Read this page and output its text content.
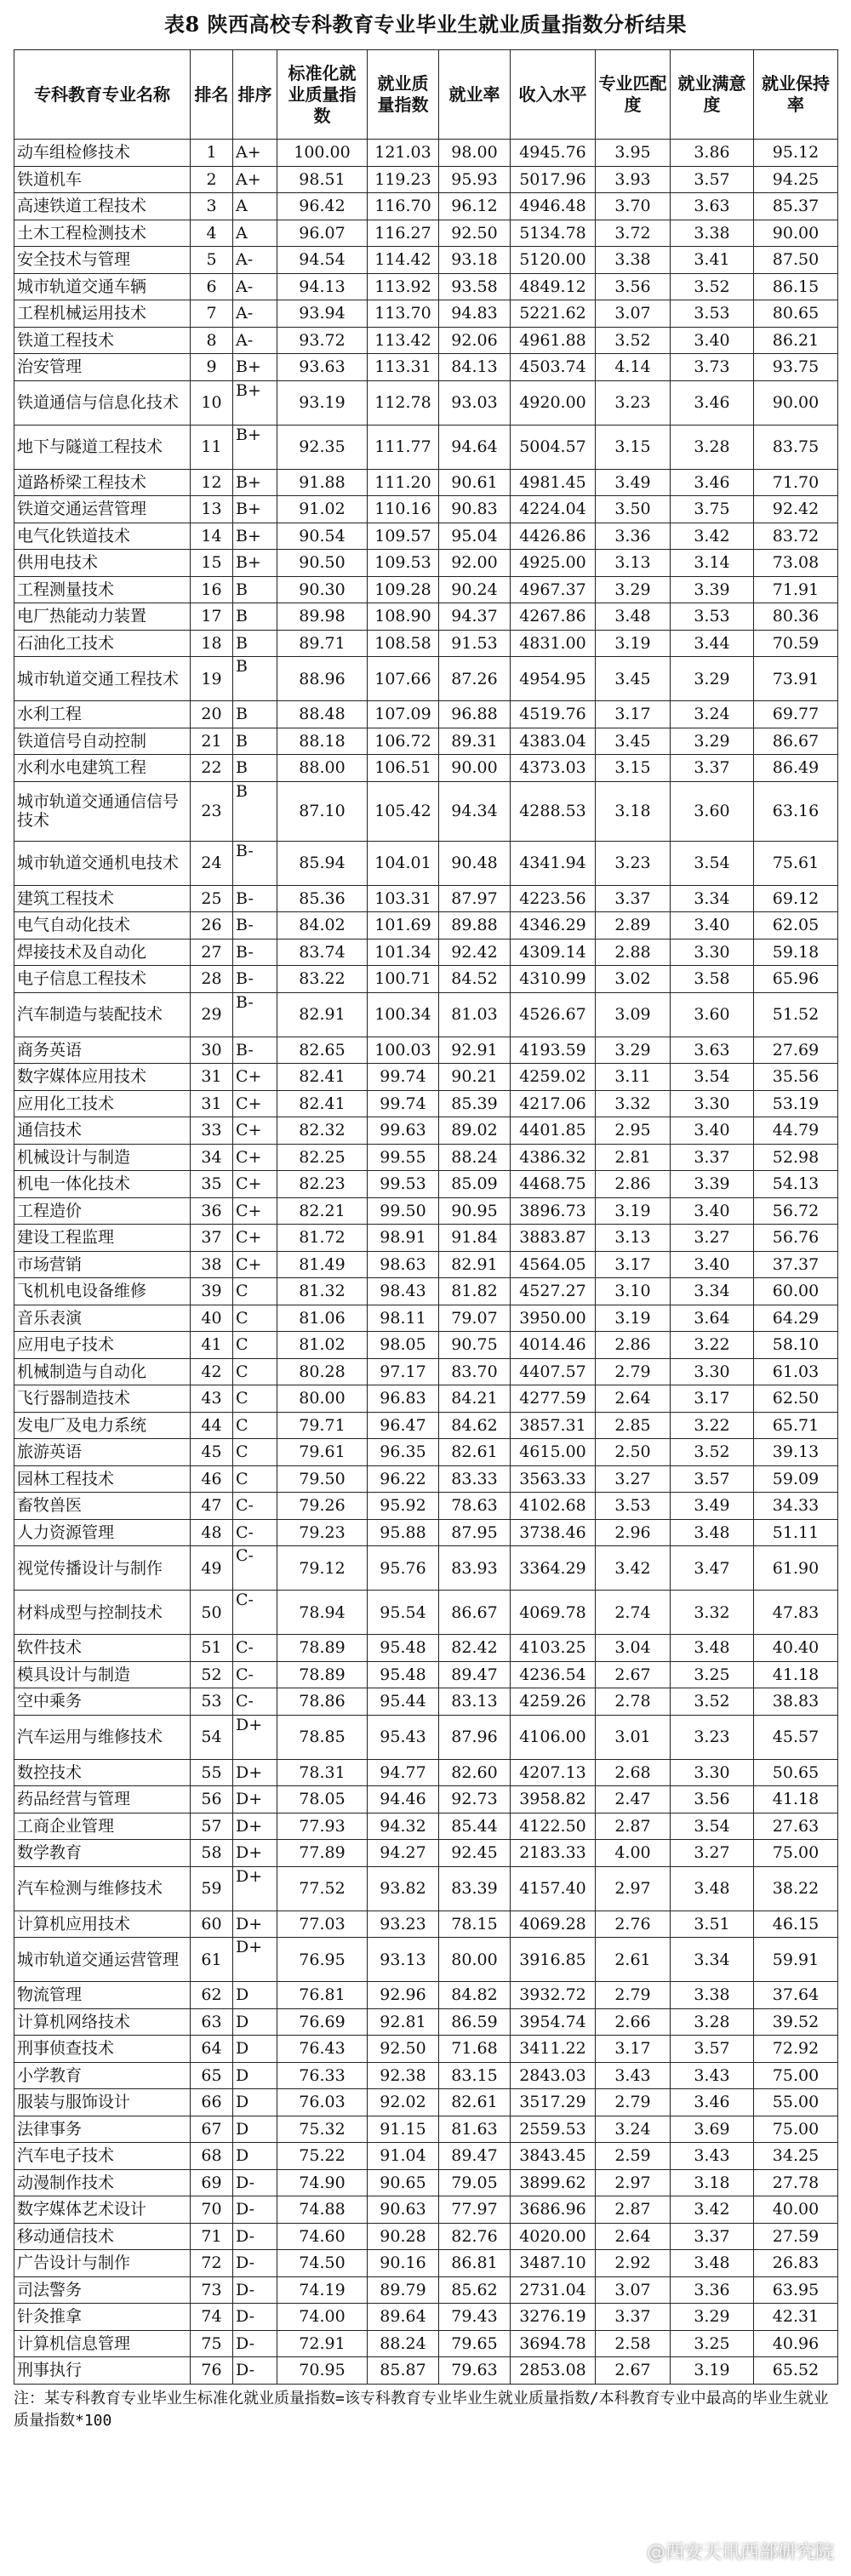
表8 陕西高校专科教育专业毕业生就业质量指数分析结果
专科教育专业名称	排名	排序	标准化就业质量指数	就业质量指数	就业率	收入水平	专业匹配度	就业满意度	就业保持率
动车组检修技术	1	A+	100.00	121.03	98.00	4945.76	3.95	3.86	95.12
铁道机车	2	A+	98.51	119.23	95.93	5017.96	3.93	3.57	94.25
高速铁道工程技术	3	A	96.42	116.70	96.12	4946.48	3.70	3.63	85.37
土木工程检测技术	4	A	96.07	116.27	92.50	5134.78	3.72	3.38	90.00
安全技术与管理	5	A-	94.54	114.42	93.18	5120.00	3.38	3.41	87.50
城市轨道交通车辆	6	A-	94.13	113.92	93.58	4849.12	3.56	3.52	86.15
工程机械运用技术	7	A-	93.94	113.70	94.83	5221.62	3.07	3.53	80.65
铁道工程技术	8	A-	93.72	113.42	92.06	4961.88	3.52	3.40	86.21
治安管理	9	B+	93.63	113.31	84.13	4503.74	4.14	3.73	93.75
铁道通信与信息化技术	10	B+	93.19	112.78	93.03	4920.00	3.23	3.46	90.00
地下与隧道工程技术	11	B+	92.35	111.77	94.64	5004.57	3.15	3.28	83.75
道路桥梁工程技术	12	B+	91.88	111.20	90.61	4981.45	3.49	3.46	71.70
铁道交通运营管理	13	B+	91.02	110.16	90.83	4224.04	3.50	3.75	92.42
电气化铁道技术	14	B+	90.54	109.57	95.04	4426.86	3.36	3.42	83.72
供用电技术	15	B+	90.50	109.53	92.00	4925.00	3.13	3.14	73.08
工程测量技术	16	B	90.30	109.28	90.24	4967.37	3.29	3.39	71.91
电厂热能动力装置	17	B	89.98	108.90	94.37	4267.86	3.48	3.53	80.36
石油化工技术	18	B	89.71	108.58	91.53	4831.00	3.19	3.44	70.59
城市轨道交通工程技术	19	B	88.96	107.66	87.26	4954.95	3.45	3.29	73.91
水利工程	20	B	88.48	107.09	96.88	4519.76	3.17	3.24	69.77
铁道信号自动控制	21	B	88.18	106.72	89.31	4383.04	3.45	3.29	86.67
水利水电建筑工程	22	B	88.00	106.51	90.00	4373.03	3.15	3.37	86.49
城市轨道交通通信信号技术	23	B	87.10	105.42	94.34	4288.53	3.18	3.60	63.16
城市轨道交通机电技术	24	B-	85.94	104.01	90.48	4341.94	3.23	3.54	75.61
建筑工程技术	25	B-	85.36	103.31	87.97	4223.56	3.37	3.34	69.12
电气自动化技术	26	B-	84.02	101.69	89.88	4346.29	2.89	3.40	62.05
焊接技术及自动化	27	B-	83.74	101.34	92.42	4309.14	2.88	3.30	59.18
电子信息工程技术	28	B-	83.22	100.71	84.52	4310.99	3.02	3.58	65.96
汽车制造与装配技术	29	B-	82.91	100.34	81.03	4526.67	3.09	3.60	51.52
商务英语	30	B-	82.65	100.03	92.91	4193.59	3.29	3.63	27.69
数字媒体应用技术	31	C+	82.41	99.74	90.21	4259.02	3.11	3.54	35.56
应用化工技术	31	C+	82.41	99.74	85.39	4217.06	3.32	3.30	53.19
通信技术	33	C+	82.32	99.63	89.02	4401.85	2.95	3.40	44.79
机械设计与制造	34	C+	82.25	99.55	88.24	4386.32	2.81	3.37	52.98
机电一体化技术	35	C+	82.23	99.53	85.09	4468.75	2.86	3.39	54.13
工程造价	36	C+	82.21	99.50	90.95	3896.73	3.19	3.40	56.72
建设工程监理	37	C+	81.72	98.91	91.84	3883.87	3.13	3.27	56.76
市场营销	38	C+	81.49	98.63	82.91	4564.05	3.17	3.40	37.37
飞机机电设备维修	39	C	81.32	98.43	81.82	4527.27	3.10	3.34	60.00
音乐表演	40	C	81.06	98.11	79.07	3950.00	3.19	3.64	64.29
应用电子技术	41	C	81.02	98.05	90.75	4014.46	2.86	3.22	58.10
机械制造与自动化	42	C	80.28	97.17	83.70	4407.57	2.79	3.30	61.03
飞行器制造技术	43	C	80.00	96.83	84.21	4277.59	2.64	3.17	62.50
发电厂及电力系统	44	C	79.71	96.47	84.62	3857.31	2.85	3.22	65.71
旅游英语	45	C	79.61	96.35	82.61	4615.00	2.50	3.52	39.13
园林工程技术	46	C	79.50	96.22	83.33	3563.33	3.27	3.57	59.09
畜牧兽医	47	C-	79.26	95.92	78.63	4102.68	3.53	3.49	34.33
人力资源管理	48	C-	79.23	95.88	87.95	3738.46	2.96	3.48	51.11
视觉传播设计与制作	49	C-	79.12	95.76	83.93	3364.29	3.42	3.47	61.90
材料成型与控制技术	50	C-	78.94	95.54	86.67	4069.78	2.74	3.32	47.83
软件技术	51	C-	78.89	95.48	82.42	4103.25	3.04	3.48	40.40
模具设计与制造	52	C-	78.89	95.48	89.47	4236.54	2.67	3.25	41.18
空中乘务	53	C-	78.86	95.44	83.13	4259.26	2.78	3.52	38.83
汽车运用与维修技术	54	D+	78.85	95.43	87.96	4106.00	3.01	3.23	45.57
数控技术	55	D+	78.31	94.77	82.60	4207.13	2.68	3.30	50.65
药品经营与管理	56	D+	78.05	94.46	92.73	3958.82	2.47	3.56	41.18
工商企业管理	57	D+	77.93	94.32	85.44	4122.50	2.87	3.54	27.63
数学教育	58	D+	77.89	94.27	92.45	2183.33	4.00	3.27	75.00
汽车检测与维修技术	59	D+	77.52	93.82	83.39	4157.40	2.97	3.48	38.22
计算机应用技术	60	D+	77.03	93.23	78.15	4069.28	2.76	3.51	46.15
城市轨道交通运营管理	61	D+	76.95	93.13	80.00	3916.85	2.61	3.34	59.91
物流管理	62	D	76.81	92.96	84.82	3932.72	2.79	3.38	37.64
计算机网络技术	63	D	76.69	92.81	86.59	3954.74	2.66	3.28	39.52
刑事侦查技术	64	D	76.43	92.50	71.68	3411.22	3.17	3.57	72.92
小学教育	65	D	76.33	92.38	83.15	2843.03	3.43	3.43	75.00
服装与服饰设计	66	D	76.03	92.02	82.61	3517.29	2.79	3.46	55.00
法律事务	67	D	75.32	91.15	81.63	2559.53	3.24	3.69	75.00
汽车电子技术	68	D	75.22	91.04	89.47	3843.45	2.59	3.43	34.25
动漫制作技术	69	D-	74.90	90.65	79.05	3899.62	2.97	3.18	27.78
数字媒体艺术设计	70	D-	74.88	90.63	77.97	3686.96	2.87	3.42	40.00
移动通信技术	71	D-	74.60	90.28	82.76	4020.00	2.64	3.37	27.59
广告设计与制作	72	D-	74.50	90.16	86.81	3487.10	2.92	3.48	26.83
司法警务	73	D-	74.19	89.79	85.62	2731.04	3.07	3.36	63.95
针灸推拿	74	D-	74.00	89.64	79.43	3276.19	3.37	3.29	42.31
计算机信息管理	75	D-	72.91	88.24	79.65	3694.78	2.58	3.25	40.96
刑事执行	76	D-	70.95	85.87	79.63	2853.08	2.67	3.19	65.52
注：某专科教育专业毕业生标准化就业质量指数=该专科教育专业毕业生就业质量指数/本科教育专业中最高的毕业生就业质量指数*100
@西安天讯西部研究院
